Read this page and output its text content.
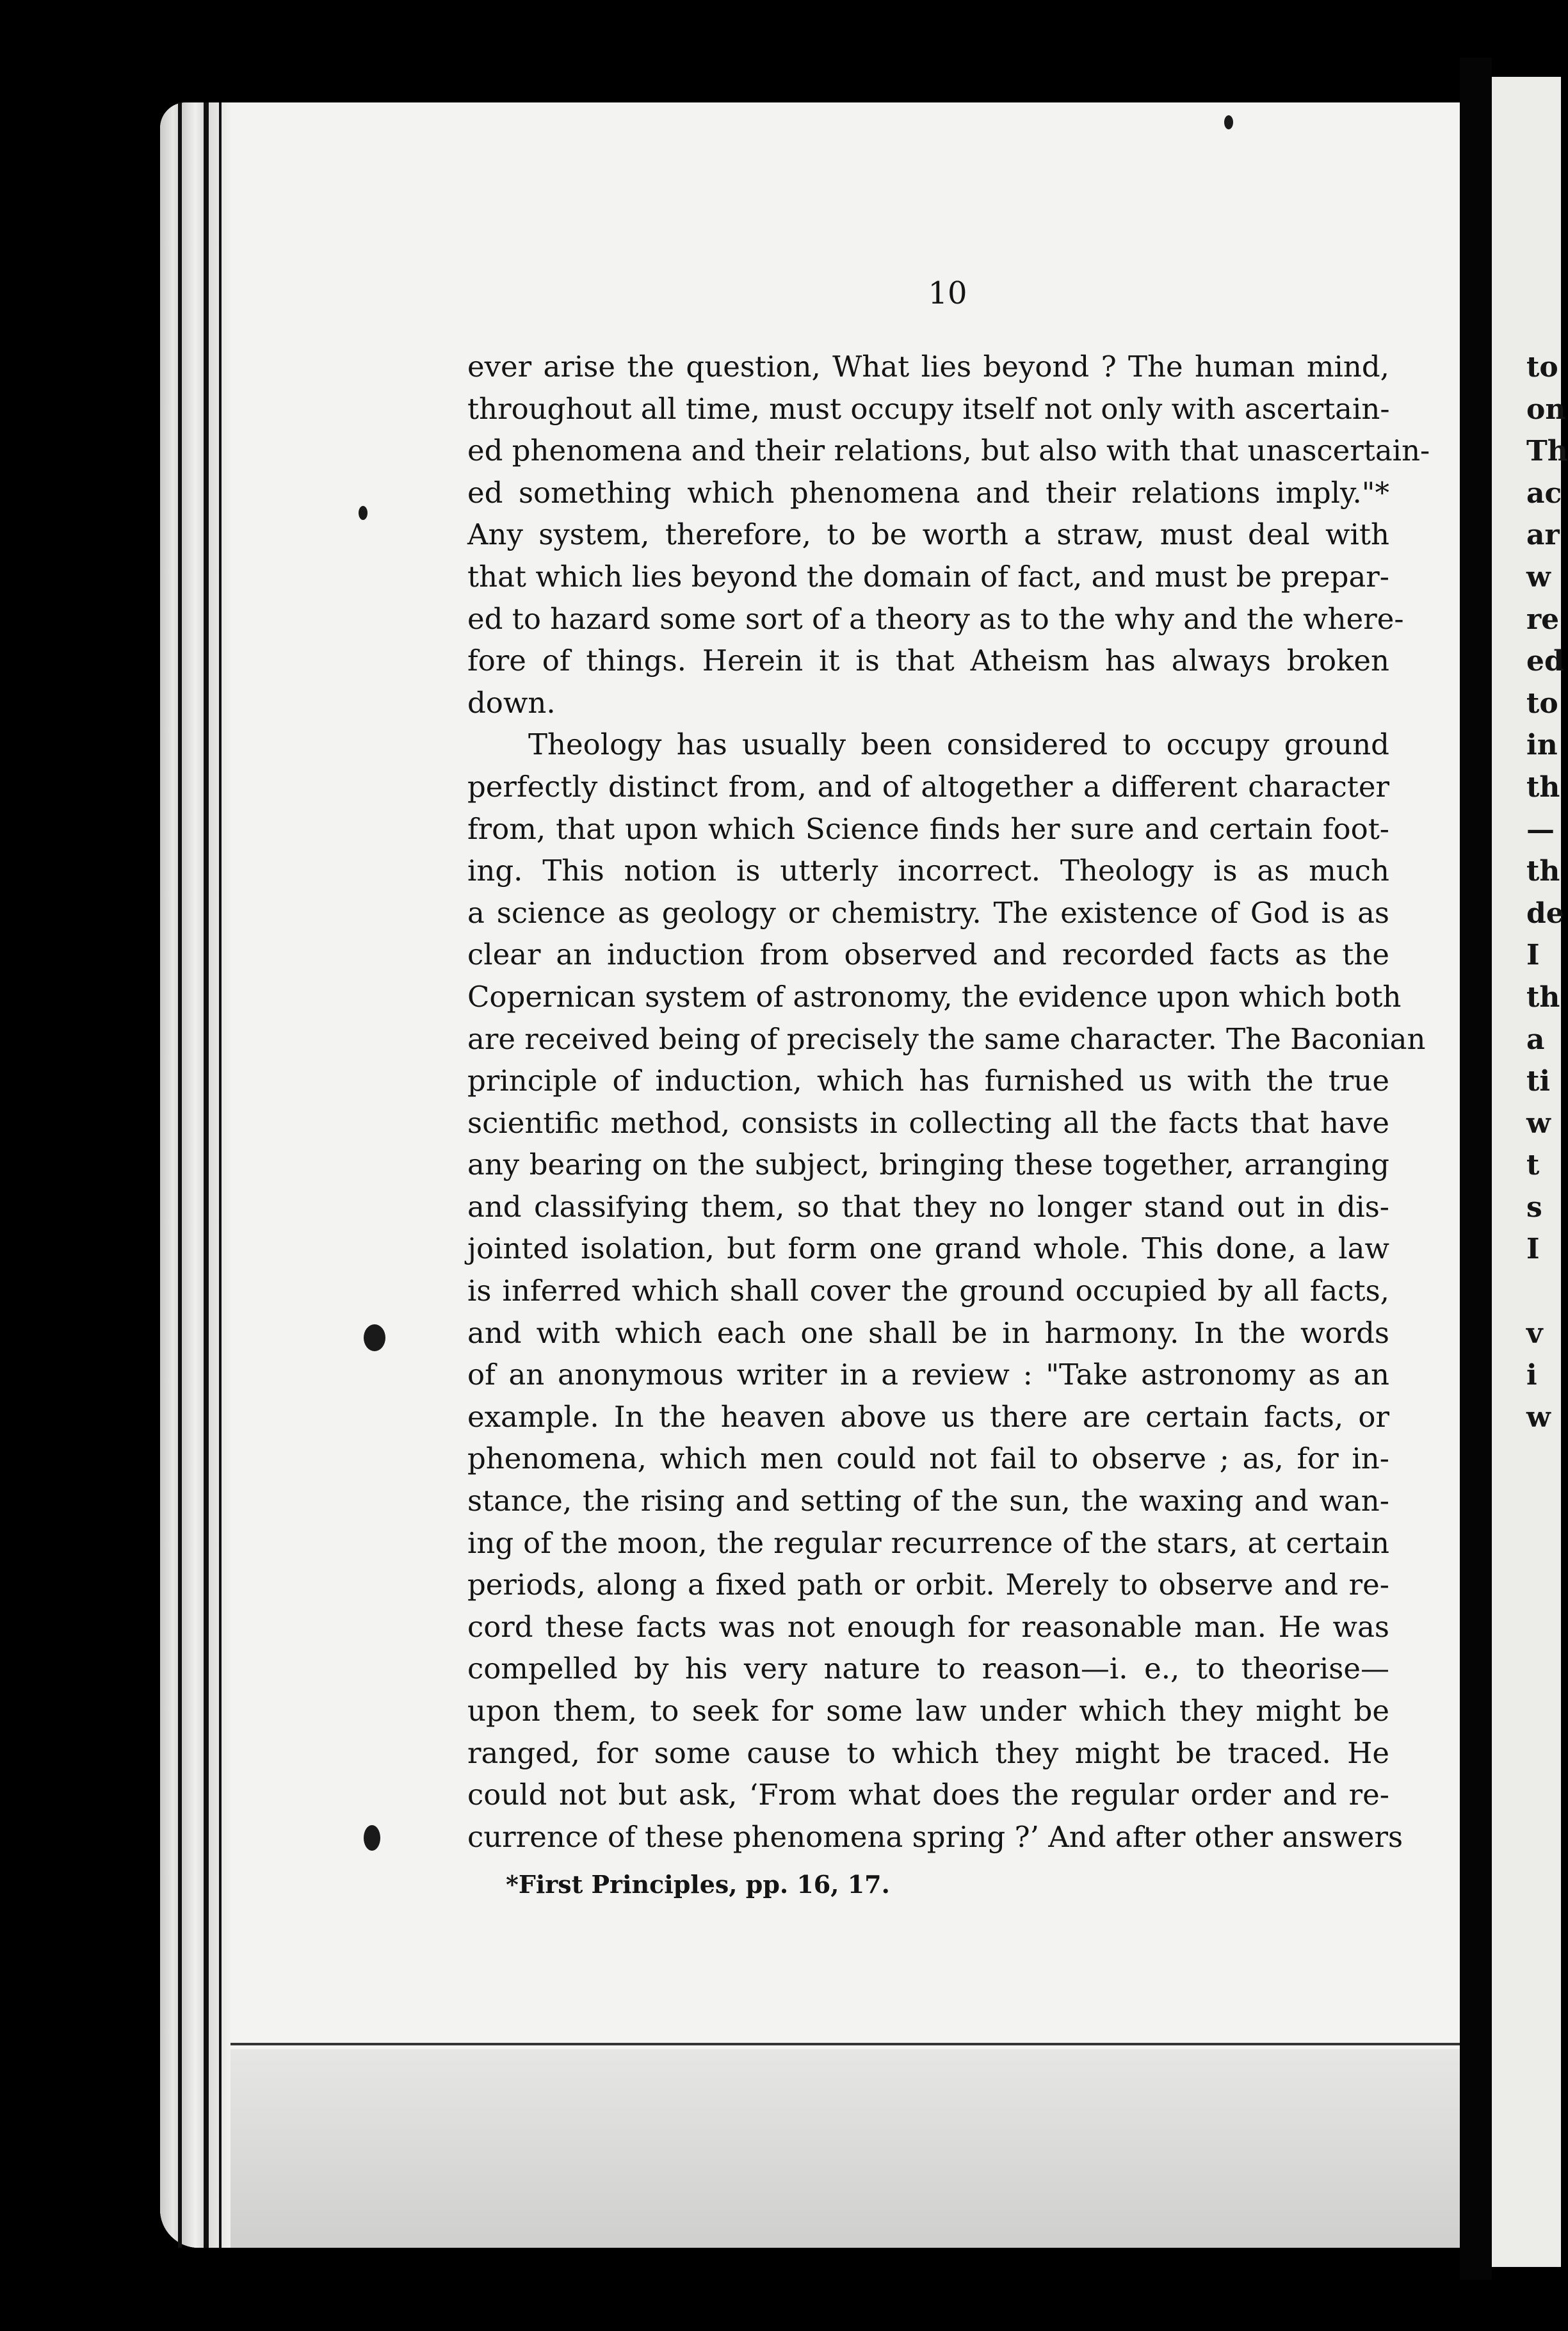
to
on
Th
ac
ar
w
re
ed
to
in
th
—
th
de
I
th
a
ti
w
t
s
I
v
i
w
10
ever arise the question, What lies beyond ? The human mind,
throughout all time, must occupy itself not only with ascertain-
ed phenomena and their relations, but also with that unascertain-
ed something which phenomena and their relations imply."*
Any system, therefore, to be worth a straw, must deal with
that which lies beyond the domain of fact, and must be prepar-
ed to hazard some sort of a theory as to the why and the where-
fore of things. Herein it is that Atheism has always broken
down.
Theology has usually been considered to occupy ground
perfectly distinct from, and of altogether a different character
from, that upon which Science finds her sure and certain foot-
ing. This notion is utterly incorrect. Theology is as much
a science as geology or chemistry. The existence of God is as
clear an induction from observed and recorded facts as the
Copernican system of astronomy, the evidence upon which both
are received being of precisely the same character. The Baconian
principle of induction, which has furnished us with the true
scientific method, consists in collecting all the facts that have
any bearing on the subject, bringing these together, arranging
and classifying them, so that they no longer stand out in dis-
jointed isolation, but form one grand whole. This done, a law
is inferred which shall cover the ground occupied by all facts,
and with which each one shall be in harmony. In the words
of an anonymous writer in a review : "Take astronomy as an
example. In the heaven above us there are certain facts, or
phenomena, which men could not fail to observe ; as, for in-
stance, the rising and setting of the sun, the waxing and wan-
ing of the moon, the regular recurrence of the stars, at certain
periods, along a fixed path or orbit. Merely to observe and re-
cord these facts was not enough for reasonable man. He was
compelled by his very nature to reason—i. e., to theorise—
upon them, to seek for some law under which they might be
ranged, for some cause to which they might be traced. He
could not but ask, ‘From what does the regular order and re-
currence of these phenomena spring ?’ And after other answers
*First Principles, pp. 16, 17.
